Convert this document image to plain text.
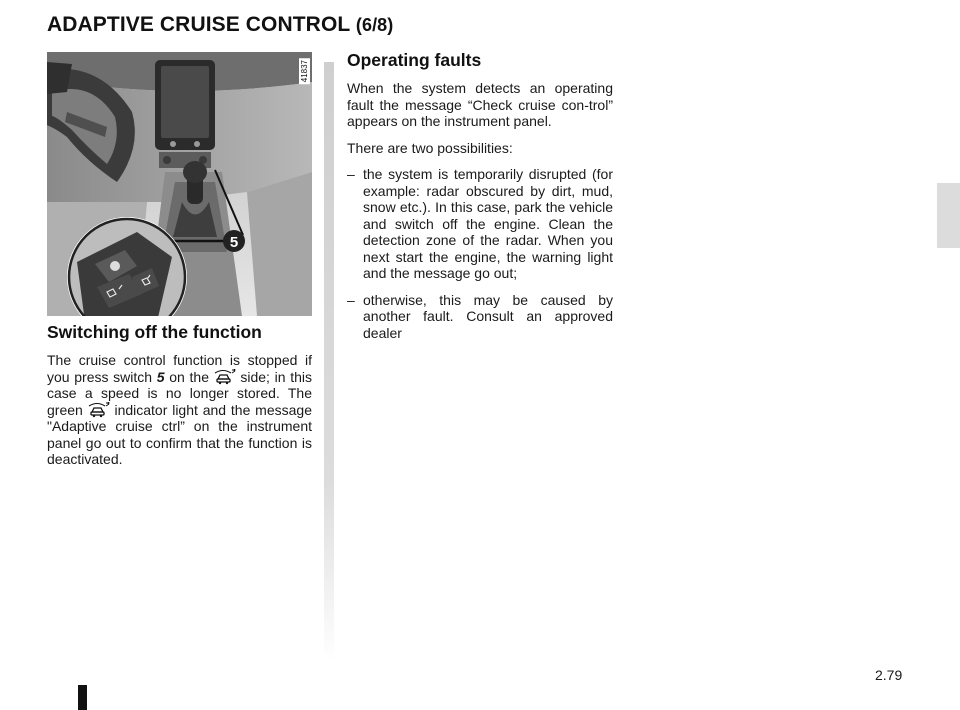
ADAPTIVE CRUISE CONTROL (6/8)
5
41837
Switching off the function

The cruise control function is stopped if you press switch 5 on the  side; in this case a speed is no longer stored. The green  indicator light and the message "Adaptive cruise ctrl” on the instrument panel go out to confirm that the function is deactivated.

Operating faults

When the system detects an operating fault the message “Check cruise con-trol” appears on the instrument panel.

There are two possibilities:

– the system is temporarily disrupted (for example: radar obscured by dirt, mud, snow etc.). In this case, park the vehicle and switch off the engine. Clean the detection zone of the radar. When you next start the engine, the warning light and the message go out;
– otherwise, this may be caused by another fault. Consult an approved dealer
2.79
